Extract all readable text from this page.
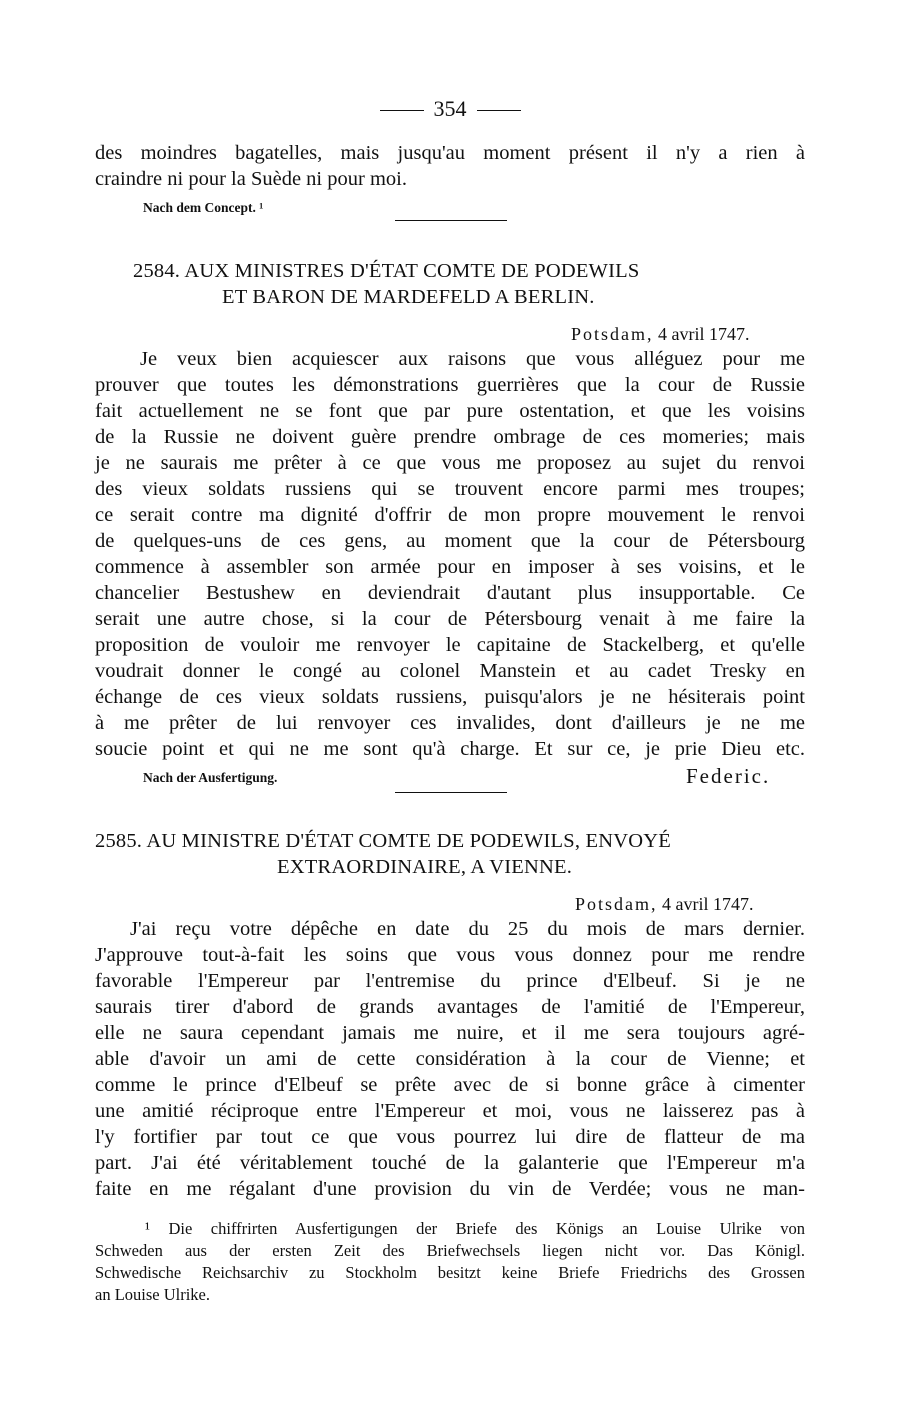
354
des moindres bagatelles, mais jusqu'au moment présent il n'y a rien à
craindre ni pour la Suède ni pour moi.
Nach dem Concept. ¹
2584. AUX MINISTRES D'ÉTAT COMTE DE PODEWILS
ET BARON DE MARDEFELD A BERLIN.
Potsdam, 4 avril 1747.
Je veux bien acquiescer aux raisons que vous alléguez pour me
prouver que toutes les démonstrations guerrières que la cour de Russie
fait actuellement ne se font que par pure ostentation, et que les voisins
de la Russie ne doivent guère prendre ombrage de ces momeries; mais
je ne saurais me prêter à ce que vous me proposez au sujet du renvoi
des vieux soldats russiens qui se trouvent encore parmi mes troupes;
ce serait contre ma dignité d'offrir de mon propre mouvement le renvoi
de quelques-uns de ces gens, au moment que la cour de Pétersbourg
commence à assembler son armée pour en imposer à ses voisins, et le
chancelier Bestushew en deviendrait d'autant plus insupportable. Ce
serait une autre chose, si la cour de Pétersbourg venait à me faire la
proposition de vouloir me renvoyer le capitaine de Stackelberg, et qu'elle
voudrait donner le congé au colonel Manstein et au cadet Tresky en
échange de ces vieux soldats russiens, puisqu'alors je ne hésiterais point
à me prêter de lui renvoyer ces invalides, dont d'ailleurs je ne me
soucie point et qui ne me sont qu'à charge. Et sur ce, je prie Dieu etc.
Nach der Ausfertigung.	Federic.
2585. AU MINISTRE D'ÉTAT COMTE DE PODEWILS, ENVOYÉ
EXTRAORDINAIRE, A VIENNE.
Potsdam, 4 avril 1747.
J'ai reçu votre dépêche en date du 25 du mois de mars dernier.
J'approuve tout-à-fait les soins que vous vous donnez pour me rendre
favorable l'Empereur par l'entremise du prince d'Elbeuf. Si je ne
saurais tirer d'abord de grands avantages de l'amitié de l'Empereur,
elle ne saura cependant jamais me nuire, et il me sera toujours agré-
able d'avoir un ami de cette considération à la cour de Vienne; et
comme le prince d'Elbeuf se prête avec de si bonne grâce à cimenter
une amitié réciproque entre l'Empereur et moi, vous ne laisserez pas à
l'y fortifier par tout ce que vous pourrez lui dire de flatteur de ma
part. J'ai été véritablement touché de la galanterie que l'Empereur m'a
faite en me régalant d'une provision du vin de Verdée; vous ne man-
¹ Die chiffrirten Ausfertigungen der Briefe des Königs an Louise Ulrike von
Schweden aus der ersten Zeit des Briefwechsels liegen nicht vor. Das Königl.
Schwedische Reichsarchiv zu Stockholm besitzt keine Briefe Friedrichs des Grossen
an Louise Ulrike.
